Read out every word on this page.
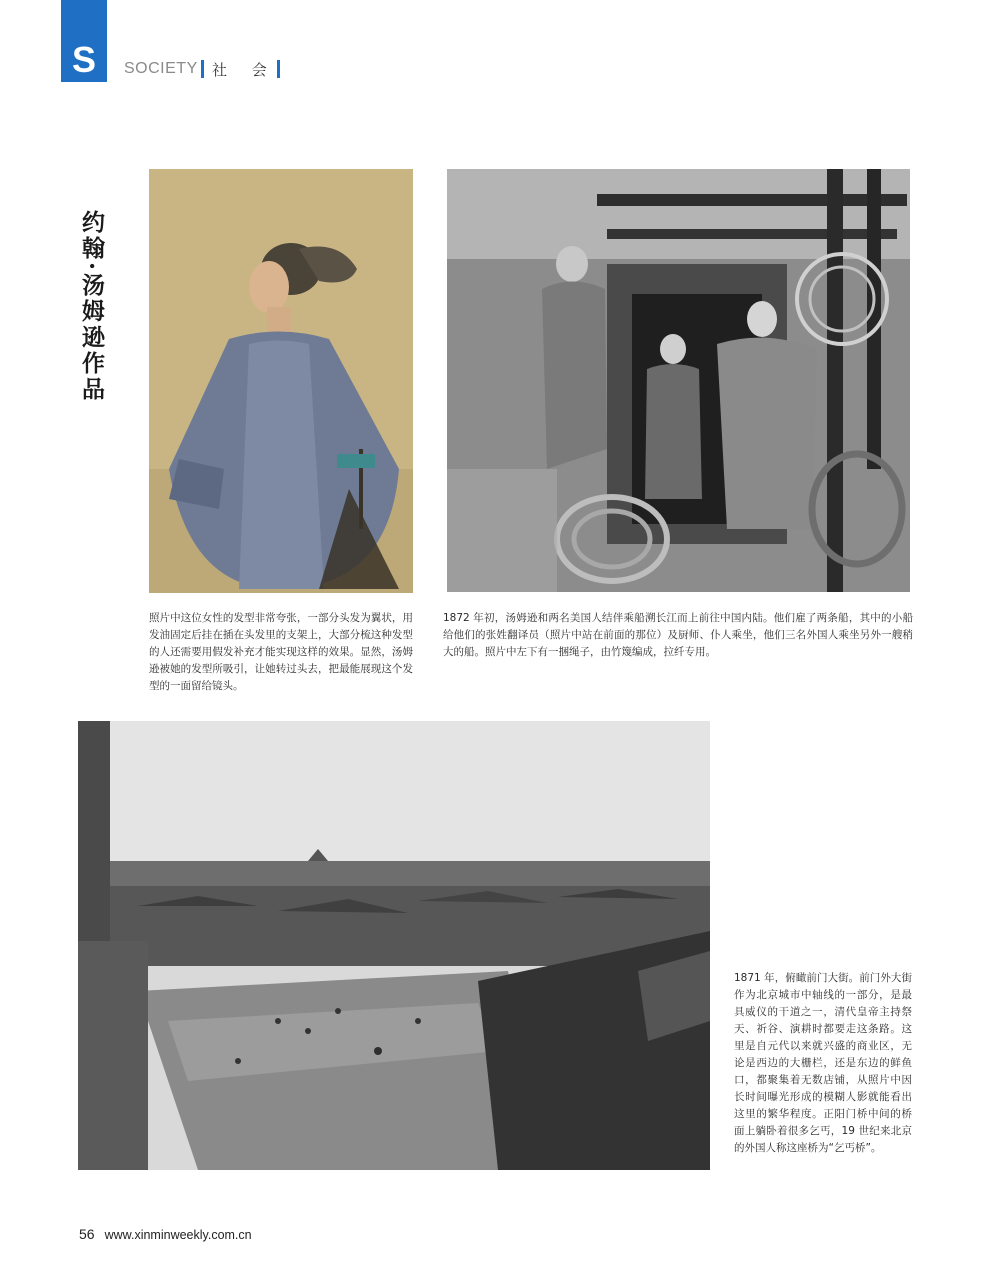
S	SOCIETY 社 会
约翰·汤姆逊作品
照片中这位女性的发型非常夸张，一部分头发为翼状，用发油固定后挂在插在头发里的支架上，大部分梳这种发型的人还需要用假发补充才能实现这样的效果。显然，汤姆逊被她的发型所吸引，让她转过头去，把最能展现这个发型的一面留给镜头。
1872 年初，汤姆逊和两名美国人结伴乘船溯长江而上前往中国内陆。他们雇了两条船，其中的小船给他们的张姓翻译员（照片中站在前面的那位）及厨师、仆人乘坐，他们三名外国人乘坐另外一艘稍大的船。照片中左下有一捆绳子，由竹篾编成，拉纤专用。
1871 年，俯瞰前门大街。前门外大街作为北京城市中轴线的一部分，是最具威仪的干道之一，清代皇帝主持祭天、祈谷、演耕时都要走这条路。这里是自元代以来就兴盛的商业区，无论是西边的大栅栏，还是东边的鲜鱼口，都聚集着无数店铺，从照片中因长时间曝光形成的模糊人影就能看出这里的繁华程度。正阳门桥中间的桥面上躺卧着很多乞丐，19 世纪来北京的外国人称这座桥为“乞丐桥”。
56 www.xinminweekly.com.cn
